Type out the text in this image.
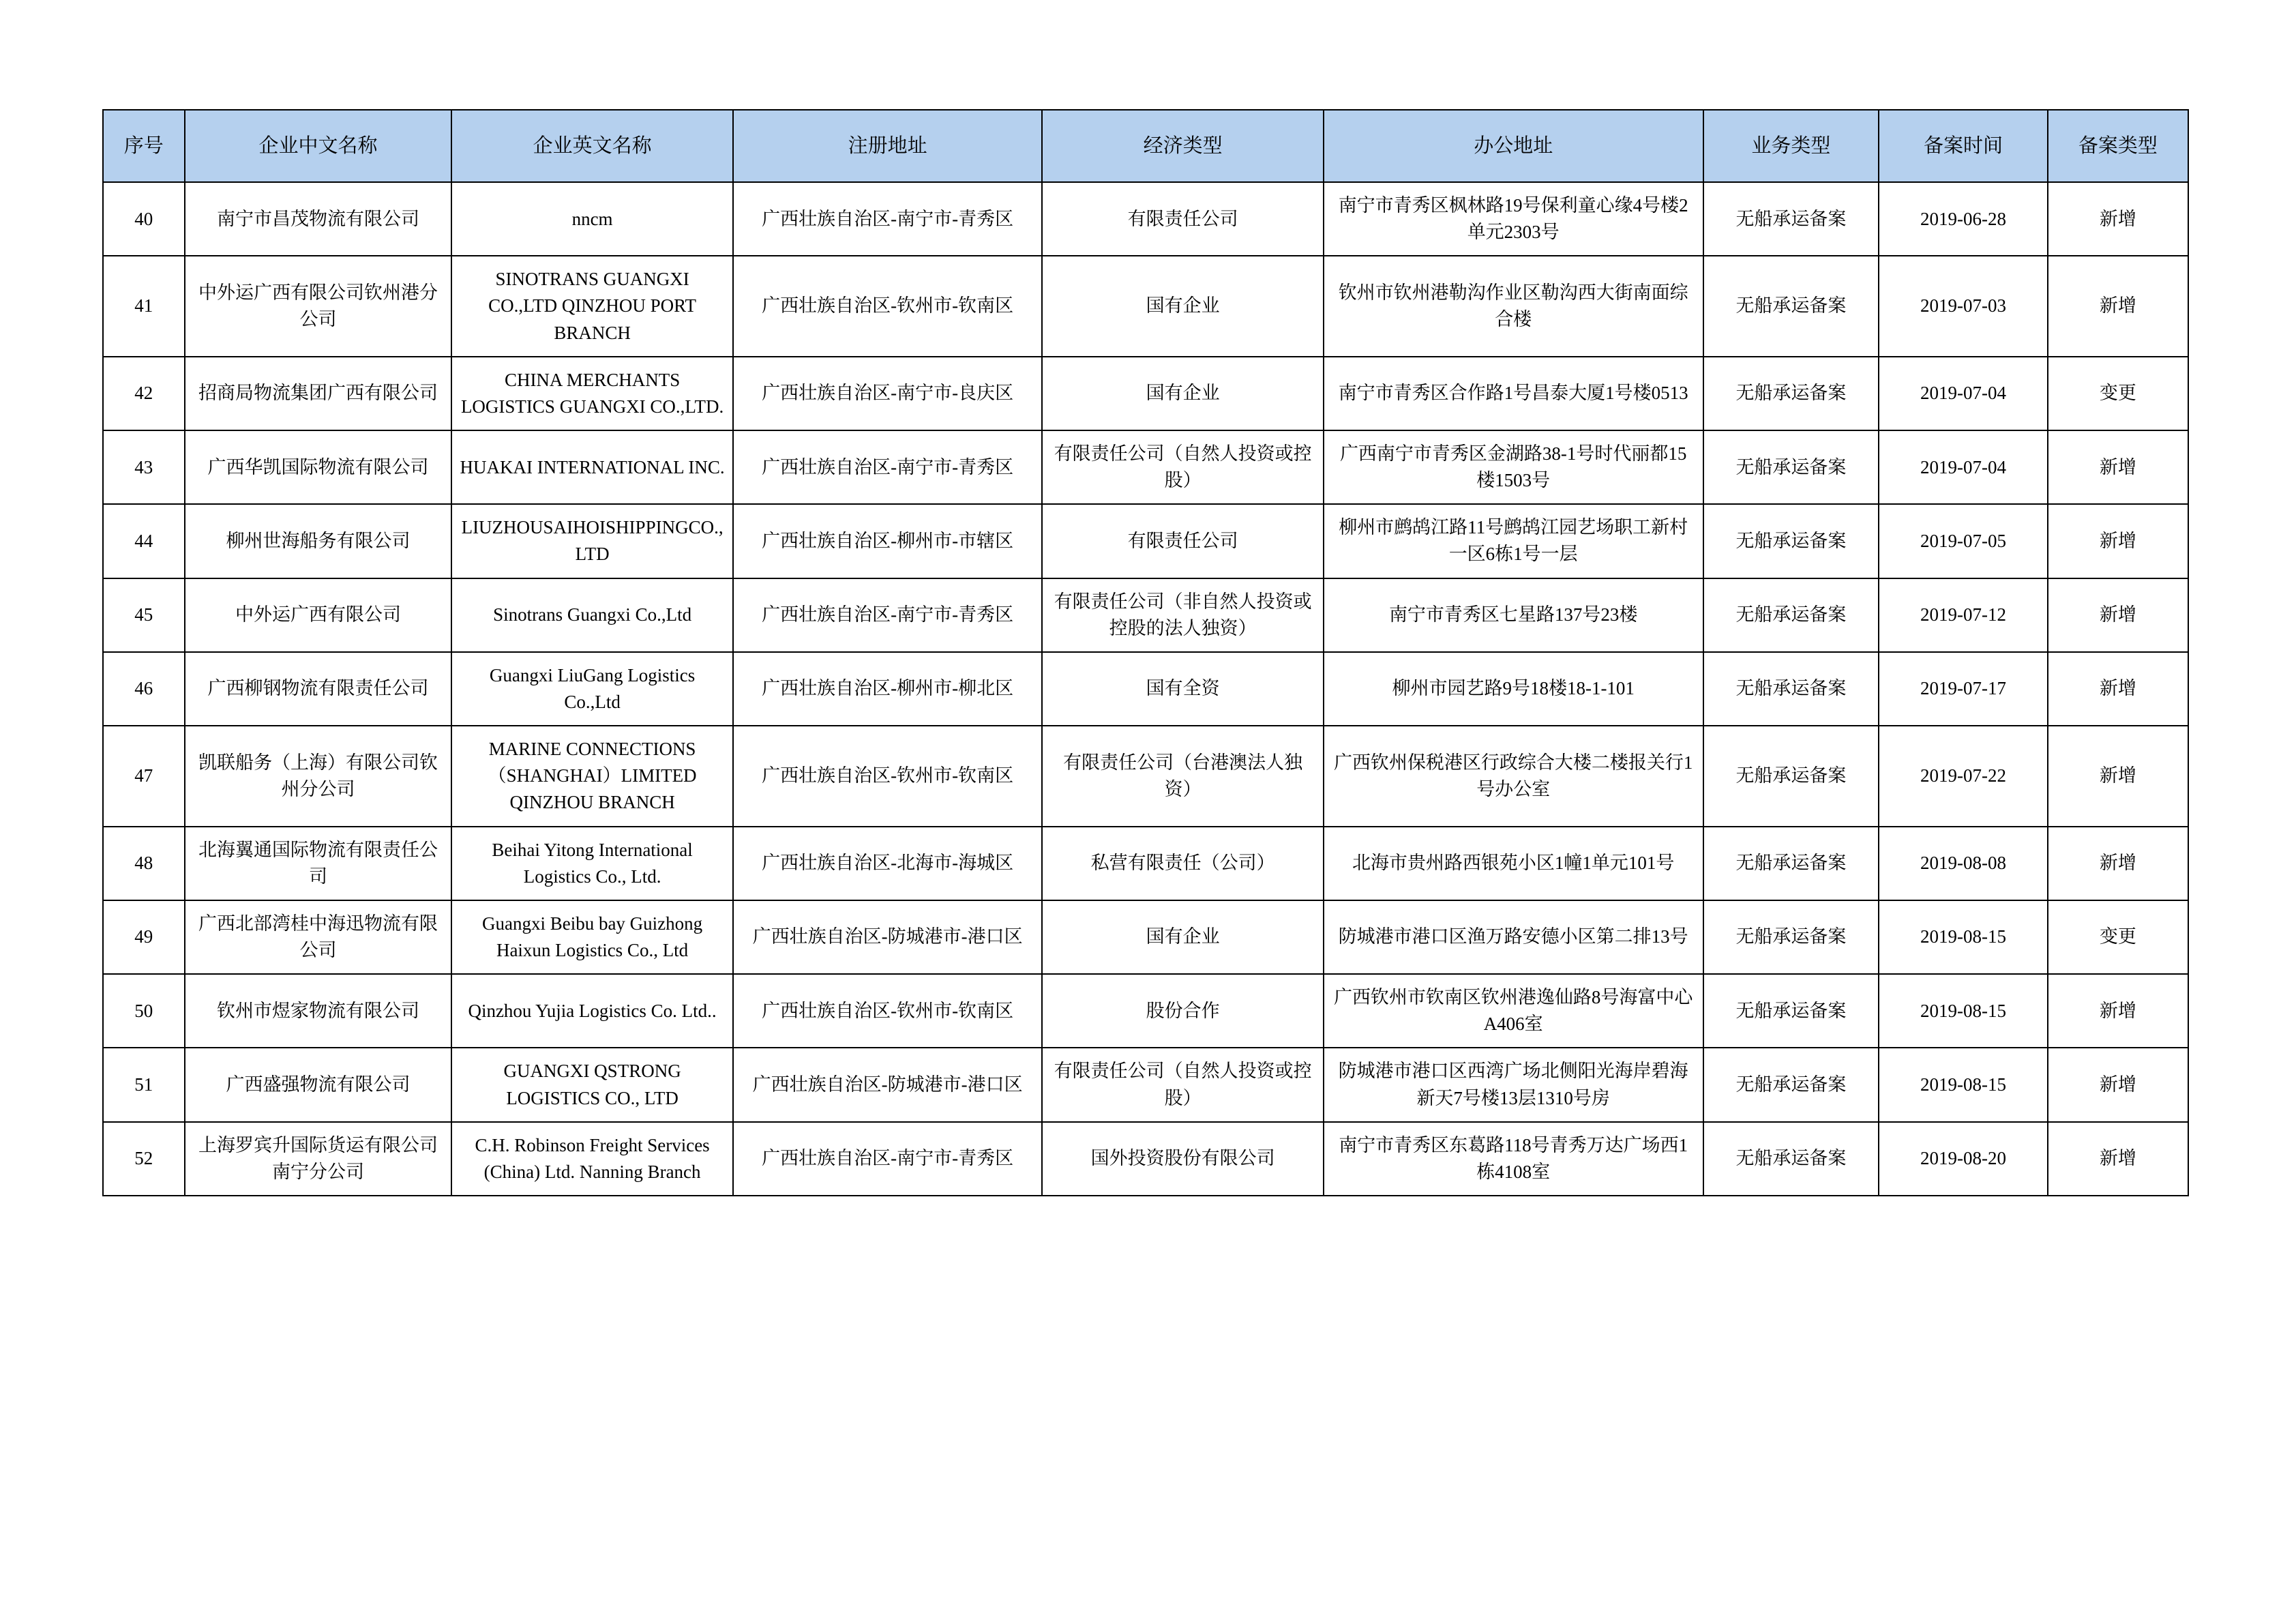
序号	企业中文名称	企业英文名称	注册地址	经济类型	办公地址	业务类型	备案时间	备案类型
40	南宁市昌茂物流有限公司	nncm	广西壮族自治区-南宁市-青秀区	有限责任公司	南宁市青秀区枫林路19号保利童心缘4号楼2单元2303号	无船承运备案	2019-06-28	新增
41	中外运广西有限公司钦州港分公司	SINOTRANS GUANGXI CO.,LTD QINZHOU PORT BRANCH	广西壮族自治区-钦州市-钦南区	国有企业	钦州市钦州港勒沟作业区勒沟西大街南面综合楼	无船承运备案	2019-07-03	新增
42	招商局物流集团广西有限公司	CHINA MERCHANTS LOGISTICS GUANGXI CO.,LTD.	广西壮族自治区-南宁市-良庆区	国有企业	南宁市青秀区合作路1号昌泰大厦1号楼0513	无船承运备案	2019-07-04	变更
43	广西华凯国际物流有限公司	HUAKAI INTERNATIONAL INC.	广西壮族自治区-南宁市-青秀区	有限责任公司（自然人投资或控股）	广西南宁市青秀区金湖路38-1号时代丽都15楼1503号	无船承运备案	2019-07-04	新增
44	柳州世海船务有限公司	LIUZHOUSAIHOISHIPPINGCO.,LTD	广西壮族自治区-柳州市-市辖区	有限责任公司	柳州市鹧鸪江路11号鹧鸪江园艺场职工新村一区6栋1号一层	无船承运备案	2019-07-05	新增
45	中外运广西有限公司	Sinotrans Guangxi Co.,Ltd	广西壮族自治区-南宁市-青秀区	有限责任公司（非自然人投资或控股的法人独资）	南宁市青秀区七星路137号23楼	无船承运备案	2019-07-12	新增
46	广西柳钢物流有限责任公司	Guangxi LiuGang Logistics Co.,Ltd	广西壮族自治区-柳州市-柳北区	国有全资	柳州市园艺路9号18楼18-1-101	无船承运备案	2019-07-17	新增
47	凯联船务（上海）有限公司钦州分公司	MARINE CONNECTIONS（SHANGHAI）LIMITED QINZHOU BRANCH	广西壮族自治区-钦州市-钦南区	有限责任公司（台港澳法人独资）	广西钦州保税港区行政综合大楼二楼报关行1号办公室	无船承运备案	2019-07-22	新增
48	北海翼通国际物流有限责任公司	Beihai Yitong International Logistics Co., Ltd.	广西壮族自治区-北海市-海城区	私营有限责任（公司）	北海市贵州路西银苑小区1幢1单元101号	无船承运备案	2019-08-08	新增
49	广西北部湾桂中海迅物流有限公司	Guangxi Beibu bay Guizhong Haixun Logistics Co., Ltd	广西壮族自治区-防城港市-港口区	国有企业	防城港市港口区渔万路安德小区第二排13号	无船承运备案	2019-08-15	变更
50	钦州市煜家物流有限公司	Qinzhou Yujia Logistics Co. Ltd..	广西壮族自治区-钦州市-钦南区	股份合作	广西钦州市钦南区钦州港逸仙路8号海富中心A406室	无船承运备案	2019-08-15	新增
51	广西盛强物流有限公司	GUANGXI QSTRONG LOGISTICS CO., LTD	广西壮族自治区-防城港市-港口区	有限责任公司（自然人投资或控股）	防城港市港口区西湾广场北侧阳光海岸碧海新天7号楼13层1310号房	无船承运备案	2019-08-15	新增
52	上海罗宾升国际货运有限公司南宁分公司	C.H. Robinson Freight Services (China) Ltd. Nanning Branch	广西壮族自治区-南宁市-青秀区	国外投资股份有限公司	南宁市青秀区东葛路118号青秀万达广场西1栋4108室	无船承运备案	2019-08-20	新增
